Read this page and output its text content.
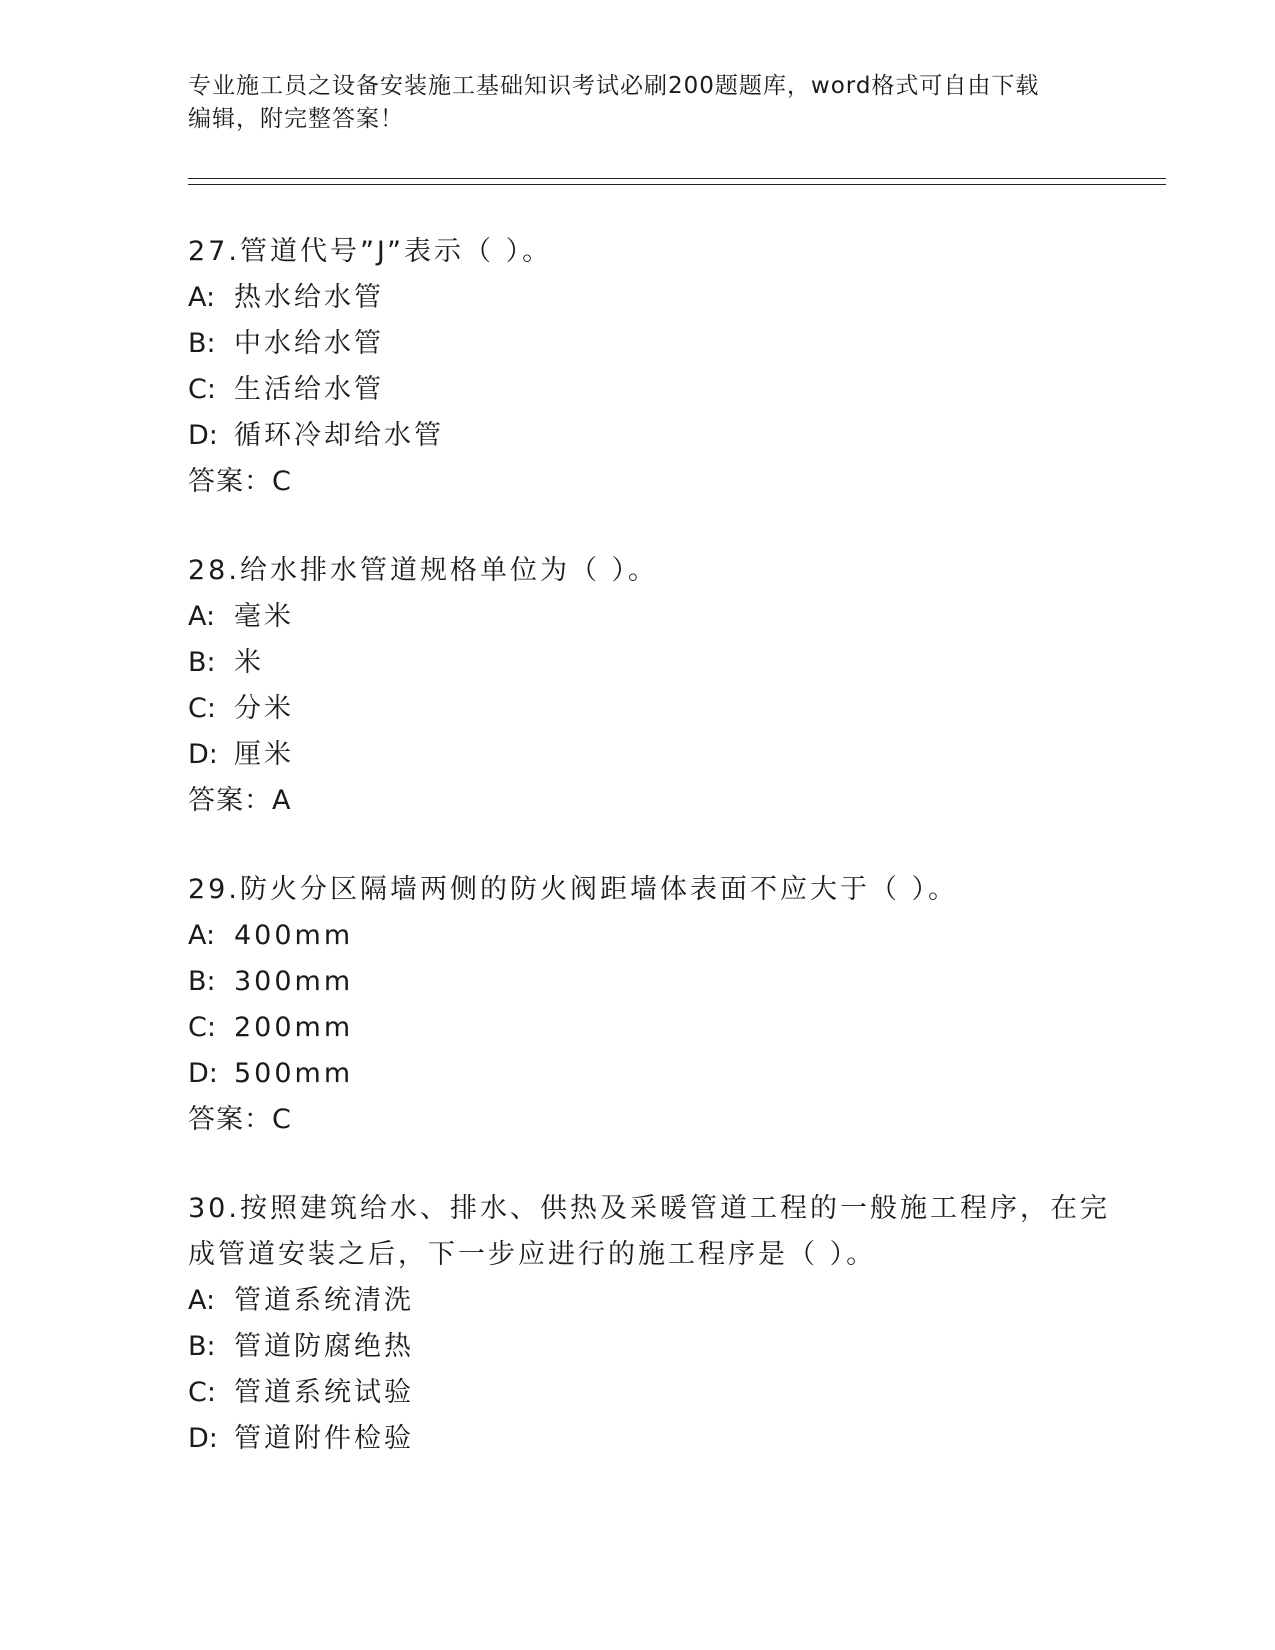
专业施工员之设备安装施工基础知识考试必刷200题题库，word格式可自由下载
编辑，附完整答案！

27.管道代号”J”表示（ ）。

A: 热水给水管
B: 中水给水管
C: 生活给水管
D: 循环冷却给水管
答案：C

28.给水排水管道规格单位为（ ）。

A: 毫米
B: 米
C: 分米
D: 厘米
答案：A

29.防火分区隔墙两侧的防火阀距墙体表面不应大于（ ）。

A: 400mm
B: 300mm
C: 200mm
D: 500mm
答案：C

30.按照建筑给水、排水、供热及采暖管道工程的一般施工程序，在完

成管道安装之后，下一步应进行的施工程序是（ ）。

A: 管道系统清洗
B: 管道防腐绝热
C: 管道系统试验
D: 管道附件检验
